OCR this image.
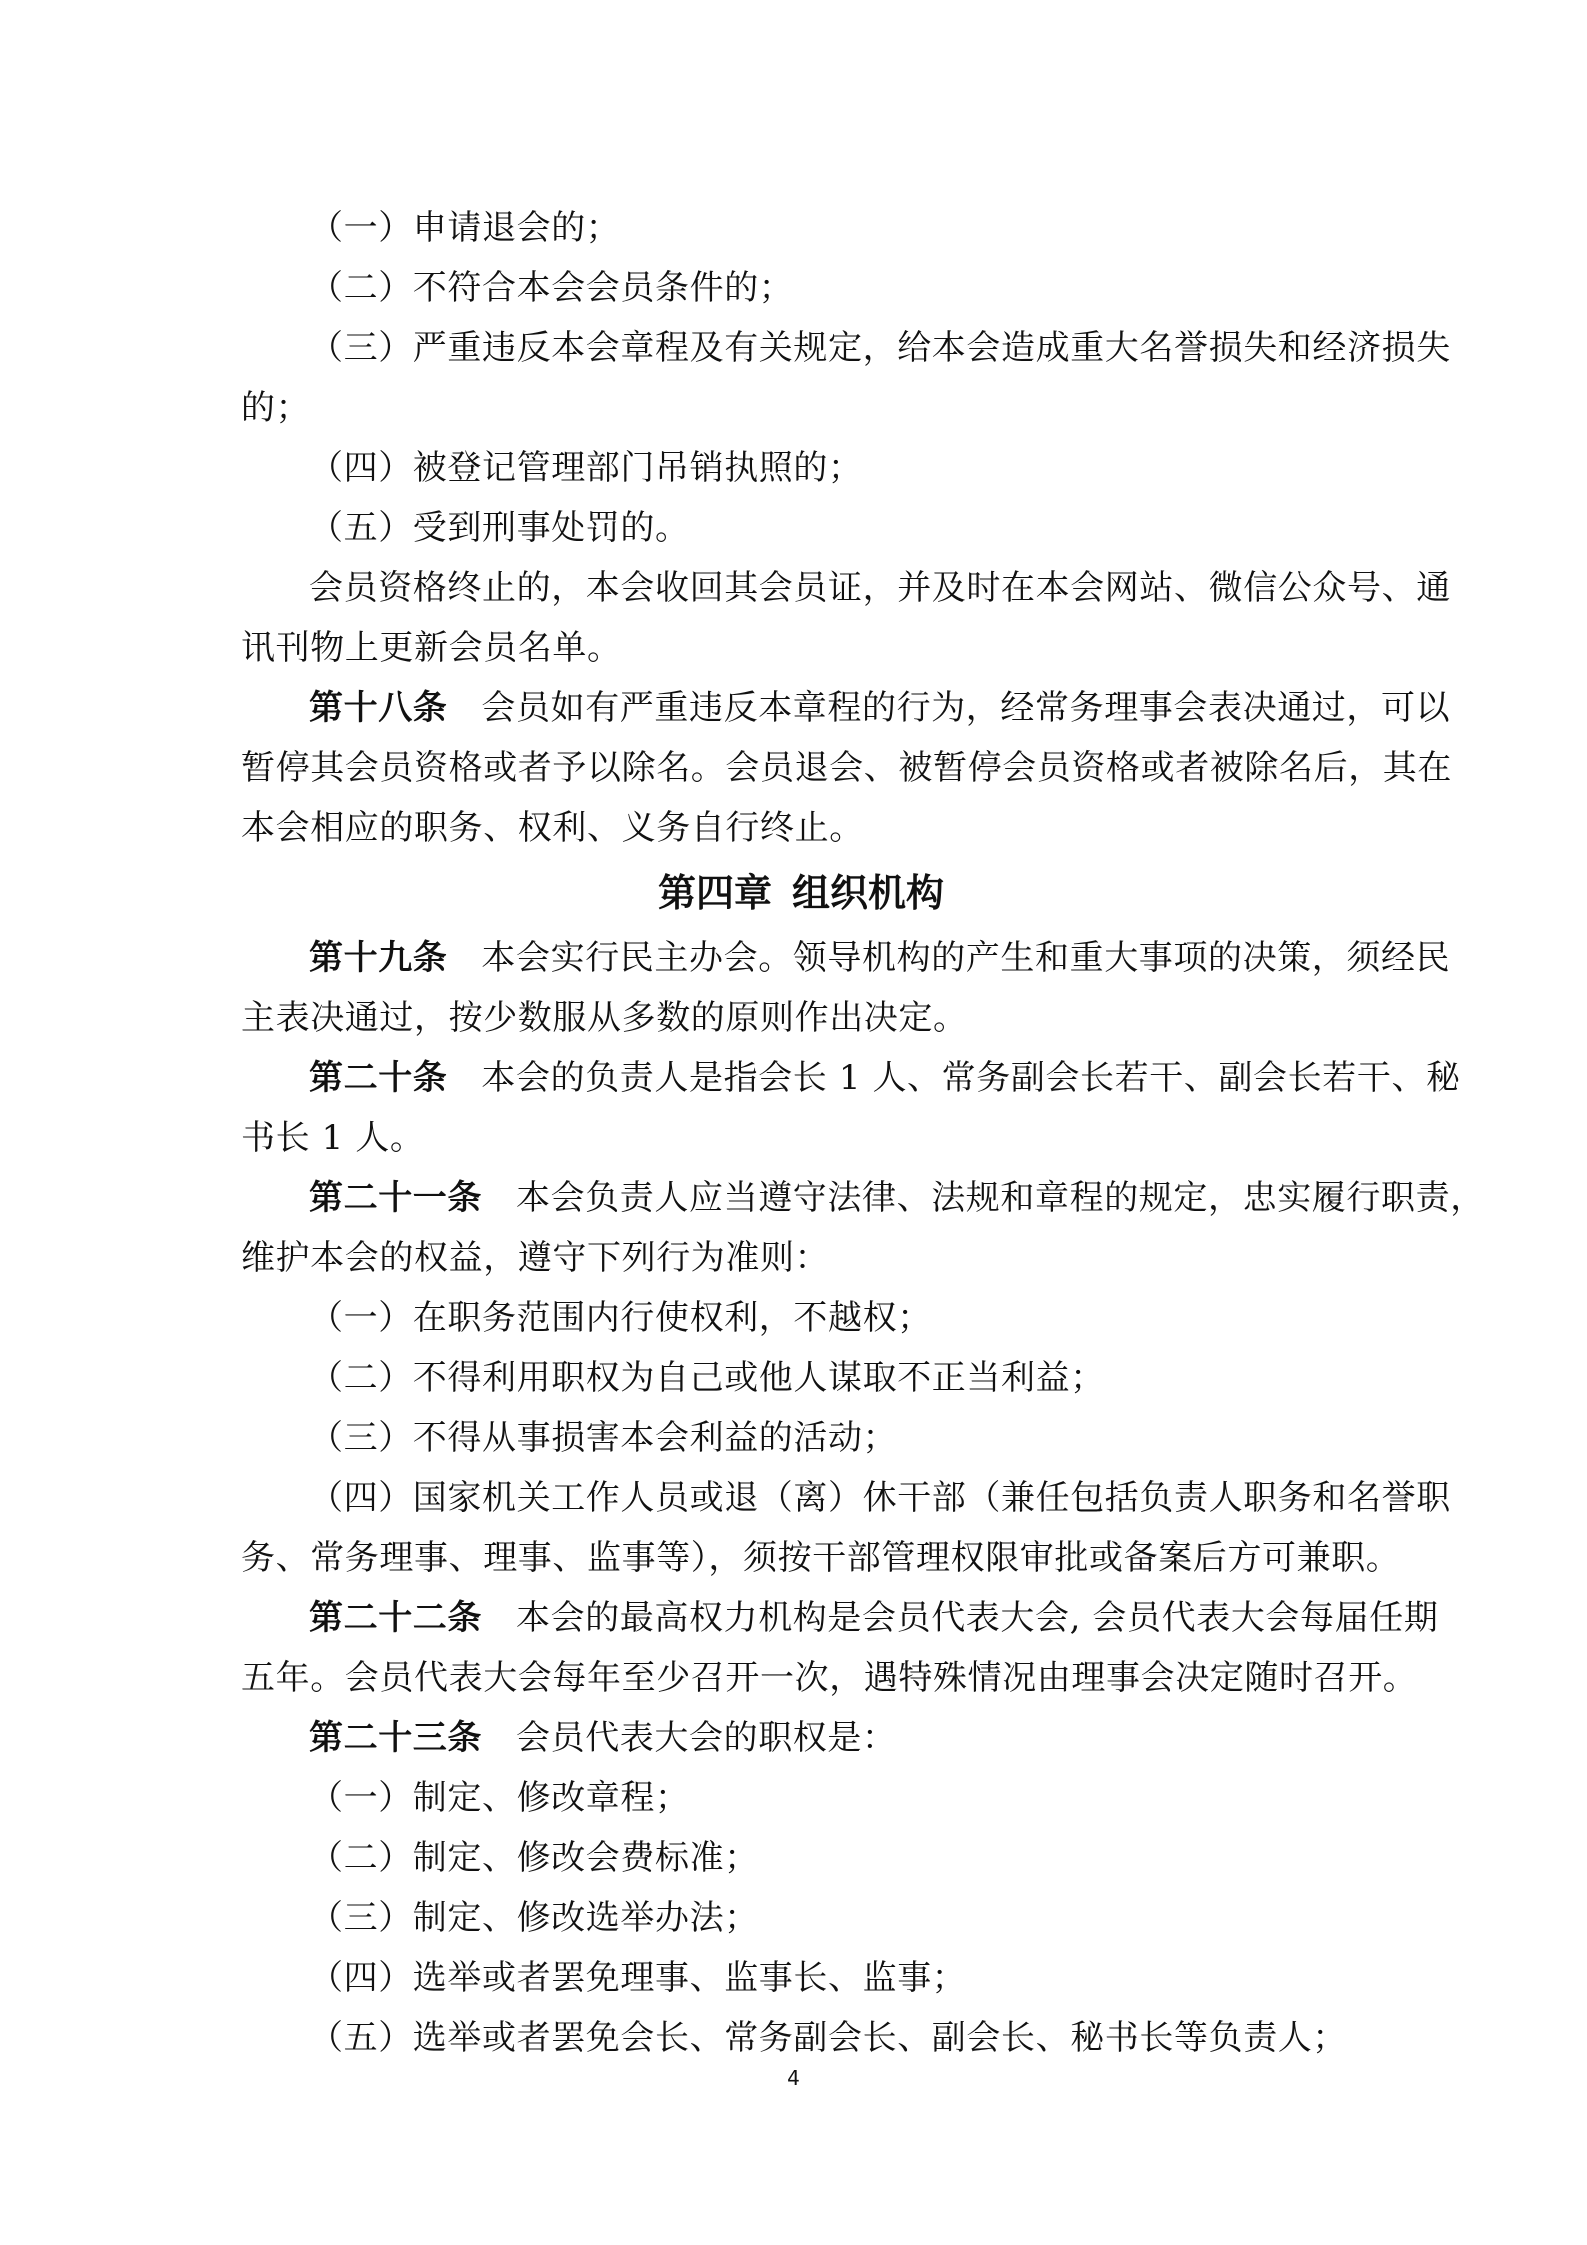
（一）申请退会的；
（二）不符合本会会员条件的；
（三）严重违反本会章程及有关规定，给本会造成重大名誉损失和经济损失
的；
（四）被登记管理部门吊销执照的；
（五）受到刑事处罚的。
会员资格终止的，本会收回其会员证，并及时在本会网站、微信公众号、通
讯刊物上更新会员名单。
第十八条 会员如有严重违反本章程的行为，经常务理事会表决通过，可以
暂停其会员资格或者予以除名。会员退会、被暂停会员资格或者被除名后，其在
本会相应的职务、权利、义务自行终止。
第四章 组织机构
第十九条 本会实行民主办会。领导机构的产生和重大事项的决策，须经民
主表决通过，按少数服从多数的原则作出决定。
第二十条 本会的负责人是指会长 1 人、常务副会长若干、副会长若干、秘
书长 1 人。
第二十一条 本会负责人应当遵守法律、法规和章程的规定，忠实履行职责，
维护本会的权益，遵守下列行为准则：
（一）在职务范围内行使权利，不越权；
（二）不得利用职权为自己或他人谋取不正当利益；
（三）不得从事损害本会利益的活动；
（四）国家机关工作人员或退（离）休干部（兼任包括负责人职务和名誉职
务、常务理事、理事、监事等），须按干部管理权限审批或备案后方可兼职。
第二十二条 本会的最高权力机构是会员代表大会, 会员代表大会每届任期
五年。会员代表大会每年至少召开一次，遇特殊情况由理事会决定随时召开。
第二十三条 会员代表大会的职权是：
（一）制定、修改章程；
（二）制定、修改会费标准；
（三）制定、修改选举办法；
（四）选举或者罢免理事、监事长、监事；
（五）选举或者罢免会长、常务副会长、副会长、秘书长等负责人；
4
